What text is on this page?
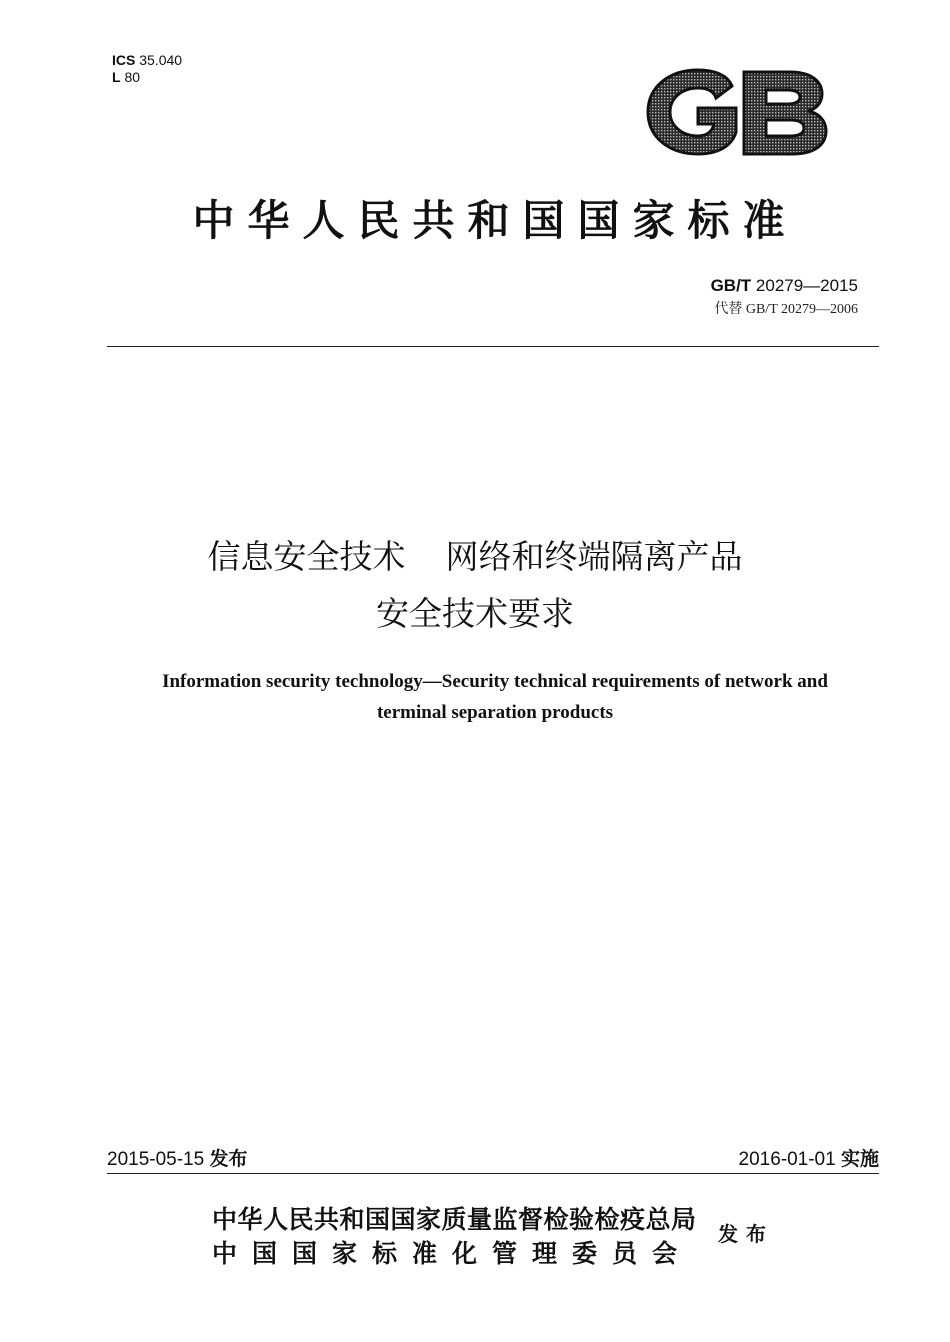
ICS 35.040
L 80
中华人民共和国国家标准
GB/T 20279—2015
代替 GB/T 20279—2006
信息安全技术 网络和终端隔离产品
安全技术要求
Information security technology—Security technical requirements of network and
terminal separation products
2015-05-15 发布	2016-01-01 实施
中华人民共和国国家质量监督检验检疫总局
中国国家标准化管理委员会
发布
